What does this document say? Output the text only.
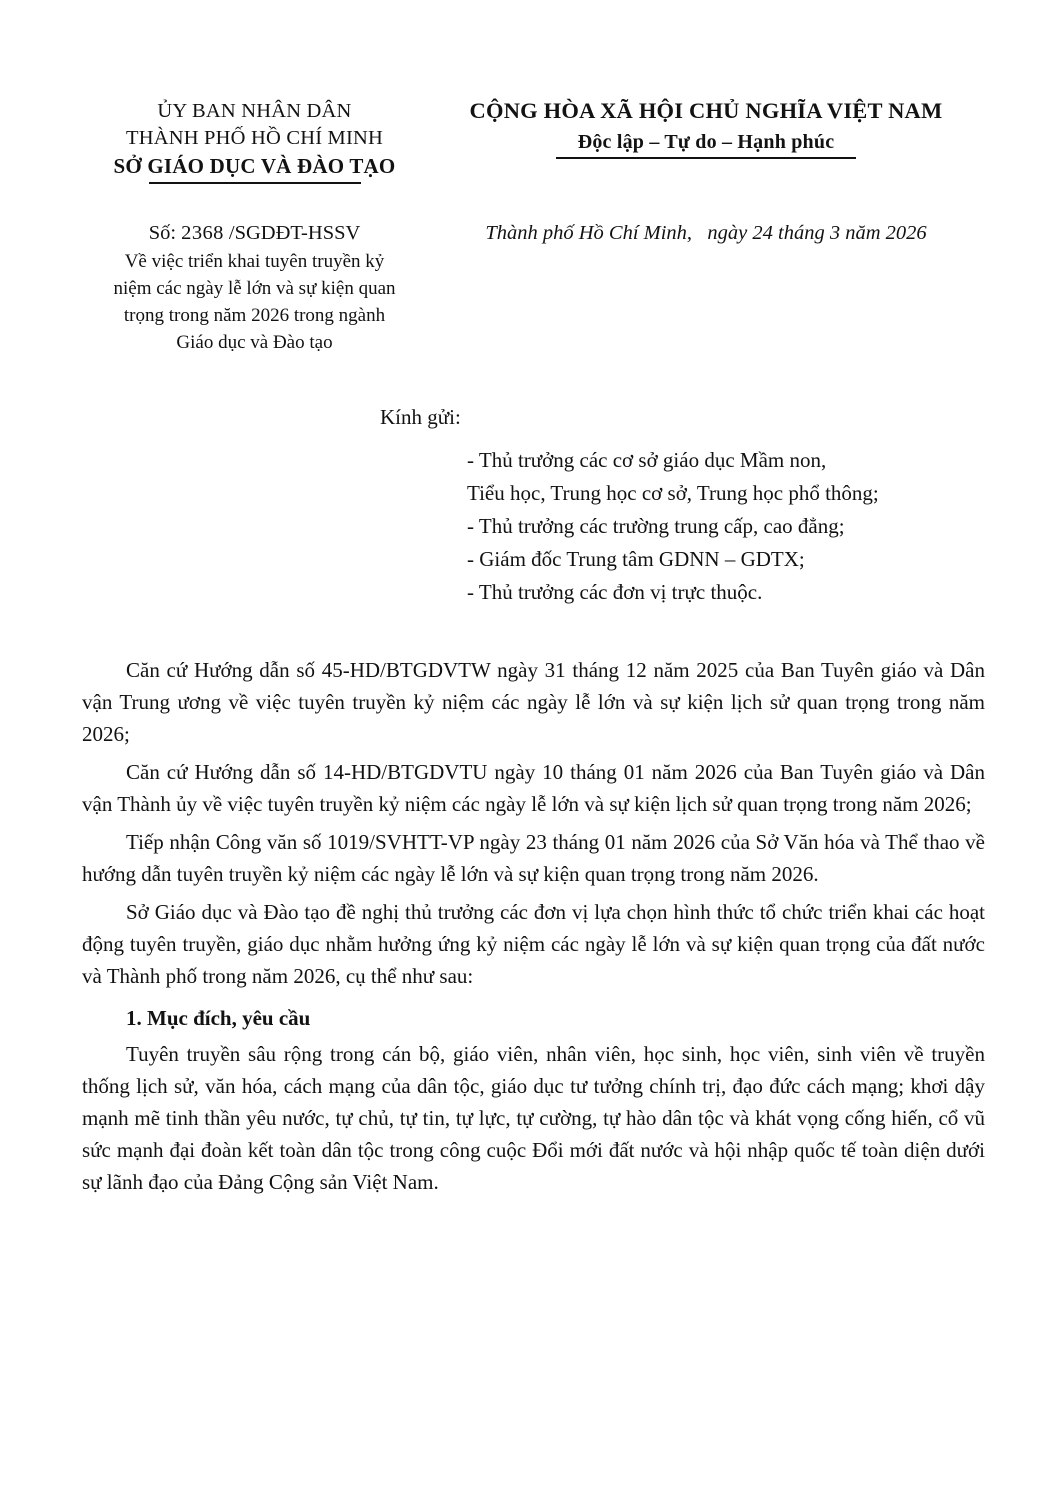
ỦY BAN NHÂN DÂN
THÀNH PHỐ HỒ CHÍ MINH
SỞ GIÁO DỤC VÀ ĐÀO TẠO
CỘNG HÒA XÃ HỘI CHỦ NGHĨA VIỆT NAM
Độc lập – Tự do – Hạnh phúc
Số: 2368 /SGDĐT-HSSV
Về việc triển khai tuyên truyền kỷ niệm các ngày lễ lớn và sự kiện quan trọng trong năm 2026 trong ngành Giáo dục và Đào tạo
Thành phố Hồ Chí Minh, ngày 24 tháng 3 năm 2026
Kính gửi:
- Thủ trưởng các cơ sở giáo dục Mầm non,
Tiểu học, Trung học cơ sở, Trung học phổ thông;
- Thủ trưởng các trường trung cấp, cao đẳng;
- Giám đốc Trung tâm GDNN – GDTX;
- Thủ trưởng các đơn vị trực thuộc.

Căn cứ Hướng dẫn số 45-HD/BTGDVTW ngày 31 tháng 12 năm 2025 của Ban Tuyên giáo và Dân vận Trung ương về việc tuyên truyền kỷ niệm các ngày lễ lớn và sự kiện lịch sử quan trọng trong năm 2026;

Căn cứ Hướng dẫn số 14-HD/BTGDVTU ngày 10 tháng 01 năm 2026 của Ban Tuyên giáo và Dân vận Thành ủy về việc tuyên truyền kỷ niệm các ngày lễ lớn và sự kiện lịch sử quan trọng trong năm 2026;

Tiếp nhận Công văn số 1019/SVHTT-VP ngày 23 tháng 01 năm 2026 của Sở Văn hóa và Thể thao về hướng dẫn tuyên truyền kỷ niệm các ngày lễ lớn và sự kiện quan trọng trong năm 2026.

Sở Giáo dục và Đào tạo đề nghị thủ trưởng các đơn vị lựa chọn hình thức tổ chức triển khai các hoạt động tuyên truyền, giáo dục nhằm hưởng ứng kỷ niệm các ngày lễ lớn và sự kiện quan trọng của đất nước và Thành phố trong năm 2026, cụ thể như sau:

1. Mục đích, yêu cầu

Tuyên truyền sâu rộng trong cán bộ, giáo viên, nhân viên, học sinh, học viên, sinh viên về truyền thống lịch sử, văn hóa, cách mạng của dân tộc, giáo dục tư tưởng chính trị, đạo đức cách mạng; khơi dậy mạnh mẽ tinh thần yêu nước, tự chủ, tự tin, tự lực, tự cường, tự hào dân tộc và khát vọng cống hiến, cổ vũ sức mạnh đại đoàn kết toàn dân tộc trong công cuộc Đổi mới đất nước và hội nhập quốc tế toàn diện dưới sự lãnh đạo của Đảng Cộng sản Việt Nam.
